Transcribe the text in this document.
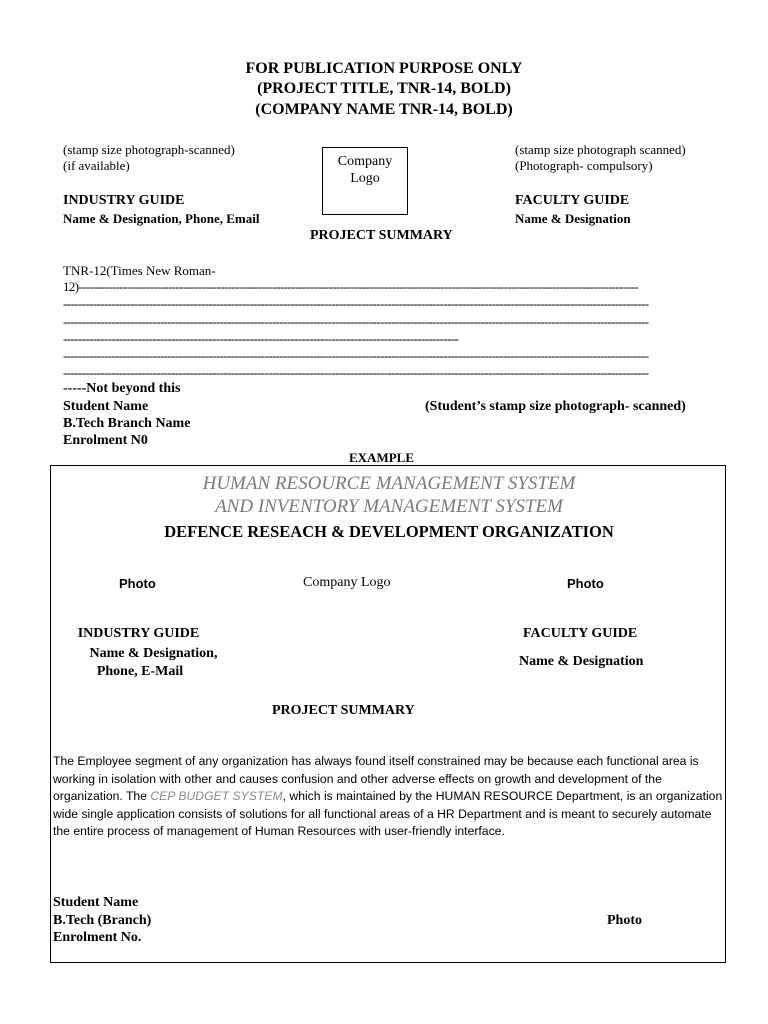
FOR PUBLICATION PURPOSE ONLY
(PROJECT TITLE, TNR-14, BOLD)
(COMPANY NAME TNR-14, BOLD)
(stamp size photograph-scanned)
(if available)	Company
Logo
(stamp size photograph scanned)
(Photograph- compulsory)
INDUSTRY GUIDE
Name & Designation, Phone, Email
FACULTY GUIDE
Name & Designation
PROJECT SUMMARY
TNR-12(Times New Roman-
12)------------------------------------------------------------------------------------------------------------------------------------------------------
-------------------------------------------------------------------------------------------------------------------------------------------------------------
-------------------------------------------------------------------------------------------------------------------------------------------------------------
----------------------------------------------------------------------------------------------------------
-------------------------------------------------------------------------------------------------------------------------------------------------------------
-------------------------------------------------------------------------------------------------------------------------------------------------------------
-----Not beyond this
Student Name
B.Tech Branch Name
Enrolment N0
(Student’s stamp size photograph- scanned)
EXAMPLE
HUMAN RESOURCE MANAGEMENT SYSTEM
AND INVENTORY MANAGEMENT SYSTEM
DEFENCE RESEACH & DEVELOPMENT ORGANIZATION
Photo	Company Logo	Photo
INDUSTRY GUIDE
Name & Designation,
Phone, E-Mail
FACULTY GUIDE
Name & Designation
PROJECT SUMMARY
The Employee segment of any organization has always found itself constrained may be because each functional area is working in isolation with other and causes confusion and other adverse effects on growth and development of the organization. The CEP BUDGET SYSTEM, which is maintained by the HUMAN RESOURCE Department, is an organization wide single application consists of solutions for all functional areas of a HR Department and is meant to securely automate the entire process of management of Human Resources with user-friendly interface.
Student Name
B.Tech (Branch)
Enrolment No.
Photo
